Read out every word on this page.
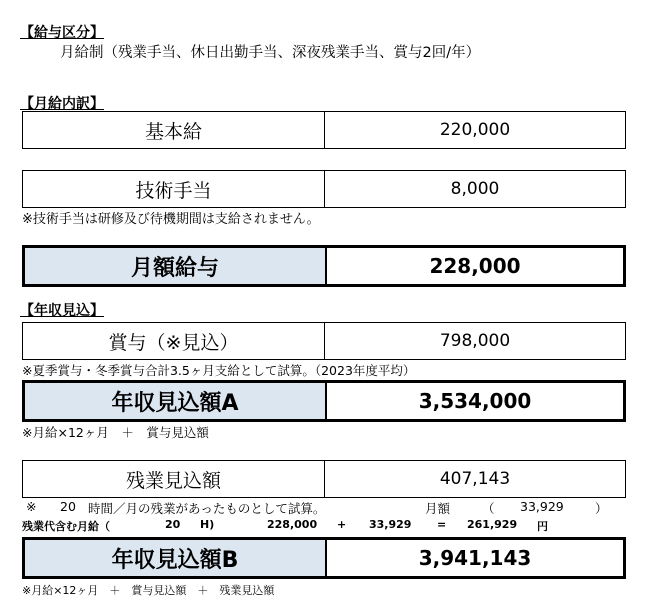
【給与区分】
月給制（残業手当、休日出勤手当、深夜残業手当、賞与2回/年）
【月給内訳】
基本給	220,000
技術手当	8,000
※技術手当は研修及び待機期間は支給されません。
月額給与	228,000
【年収見込】
賞与（※見込）	798,000
※夏季賞与・冬季賞与合計3.5ヶ月支給として試算。（2023年度平均）
年収見込額A	3,534,000
※月給×12ヶ月　＋　賞与見込額
残業見込額	407,143
※ 20 時間／月の残業があったものとして試算。	月額	（ 33,929	）
残業代含む月給（	20 H)	228,000 + 33,929 = 261,929 円
年収見込額B	3,941,143
※月給×12ヶ月　＋　賞与見込額　＋　残業見込額
